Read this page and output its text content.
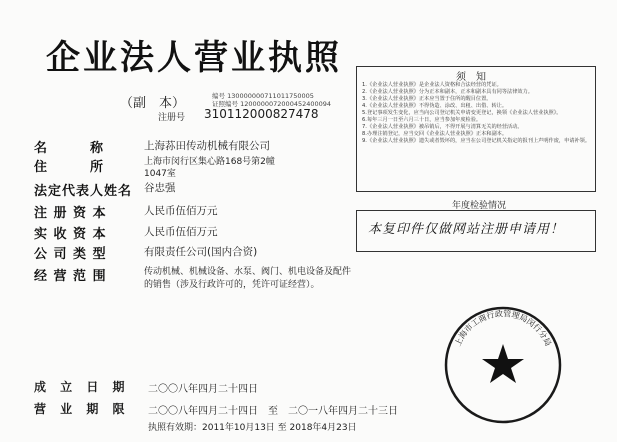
企业法人营业执照
（副　本）	编号 130000000711011750005
证照编号 1200000072000452400094
注册号 310112000827478
名　　　称	上海荪田传动机械有限公司
住　　　所	上海市闵行区集心路168号第2幢1047室
法定代表人姓名 谷忠强
注 册 资 本	人民币伍佰万元
实 收 资 本	人民币伍佰万元
公 司 类 型	有限责任公司(国内合资)
经 营 范 围	传动机械、机械设备、水泵、阀门、机电设备及配件的销售（涉及行政许可的，凭许可证经营）。
须　知
1.《企业法人营业执照》是企业法人资格和合法经营的凭证。
2.《企业法人营业执照》分为正本和副本，正本和副本具有同等法律效力。
3.《企业法人营业执照》正本应当置于住所的醒目位置。
4.《企业法人营业执照》不得伪造、涂改、出租、出借、转让。
5.登记事项发生变化，应当向公司登记机关申请变更登记，换领《企业法人营业执照》。
6.每年三月一日至六月三十日，应当参加年度检验。
7.《企业法人营业执照》被吊销后，不得开展与清算无关的经营活动。
8.办理注销登记，应当交回《企业法人营业执照》正本和副本。
9.《企业法人营业执照》遗失或者毁坏的，应当在公司登记机关指定的报刊上声明作废，申请补领。
年度检验情况
本复印件仅做网站注册申请用！
上海市工商行政管理局闵行分局
成 立 日 期 二〇〇八年四月二十四日
营 业 期 限 二〇〇八年四月二十四日　至　二〇一八年四月二十三日
执照有效期：2011年10月13日 至 2018年4月23日
